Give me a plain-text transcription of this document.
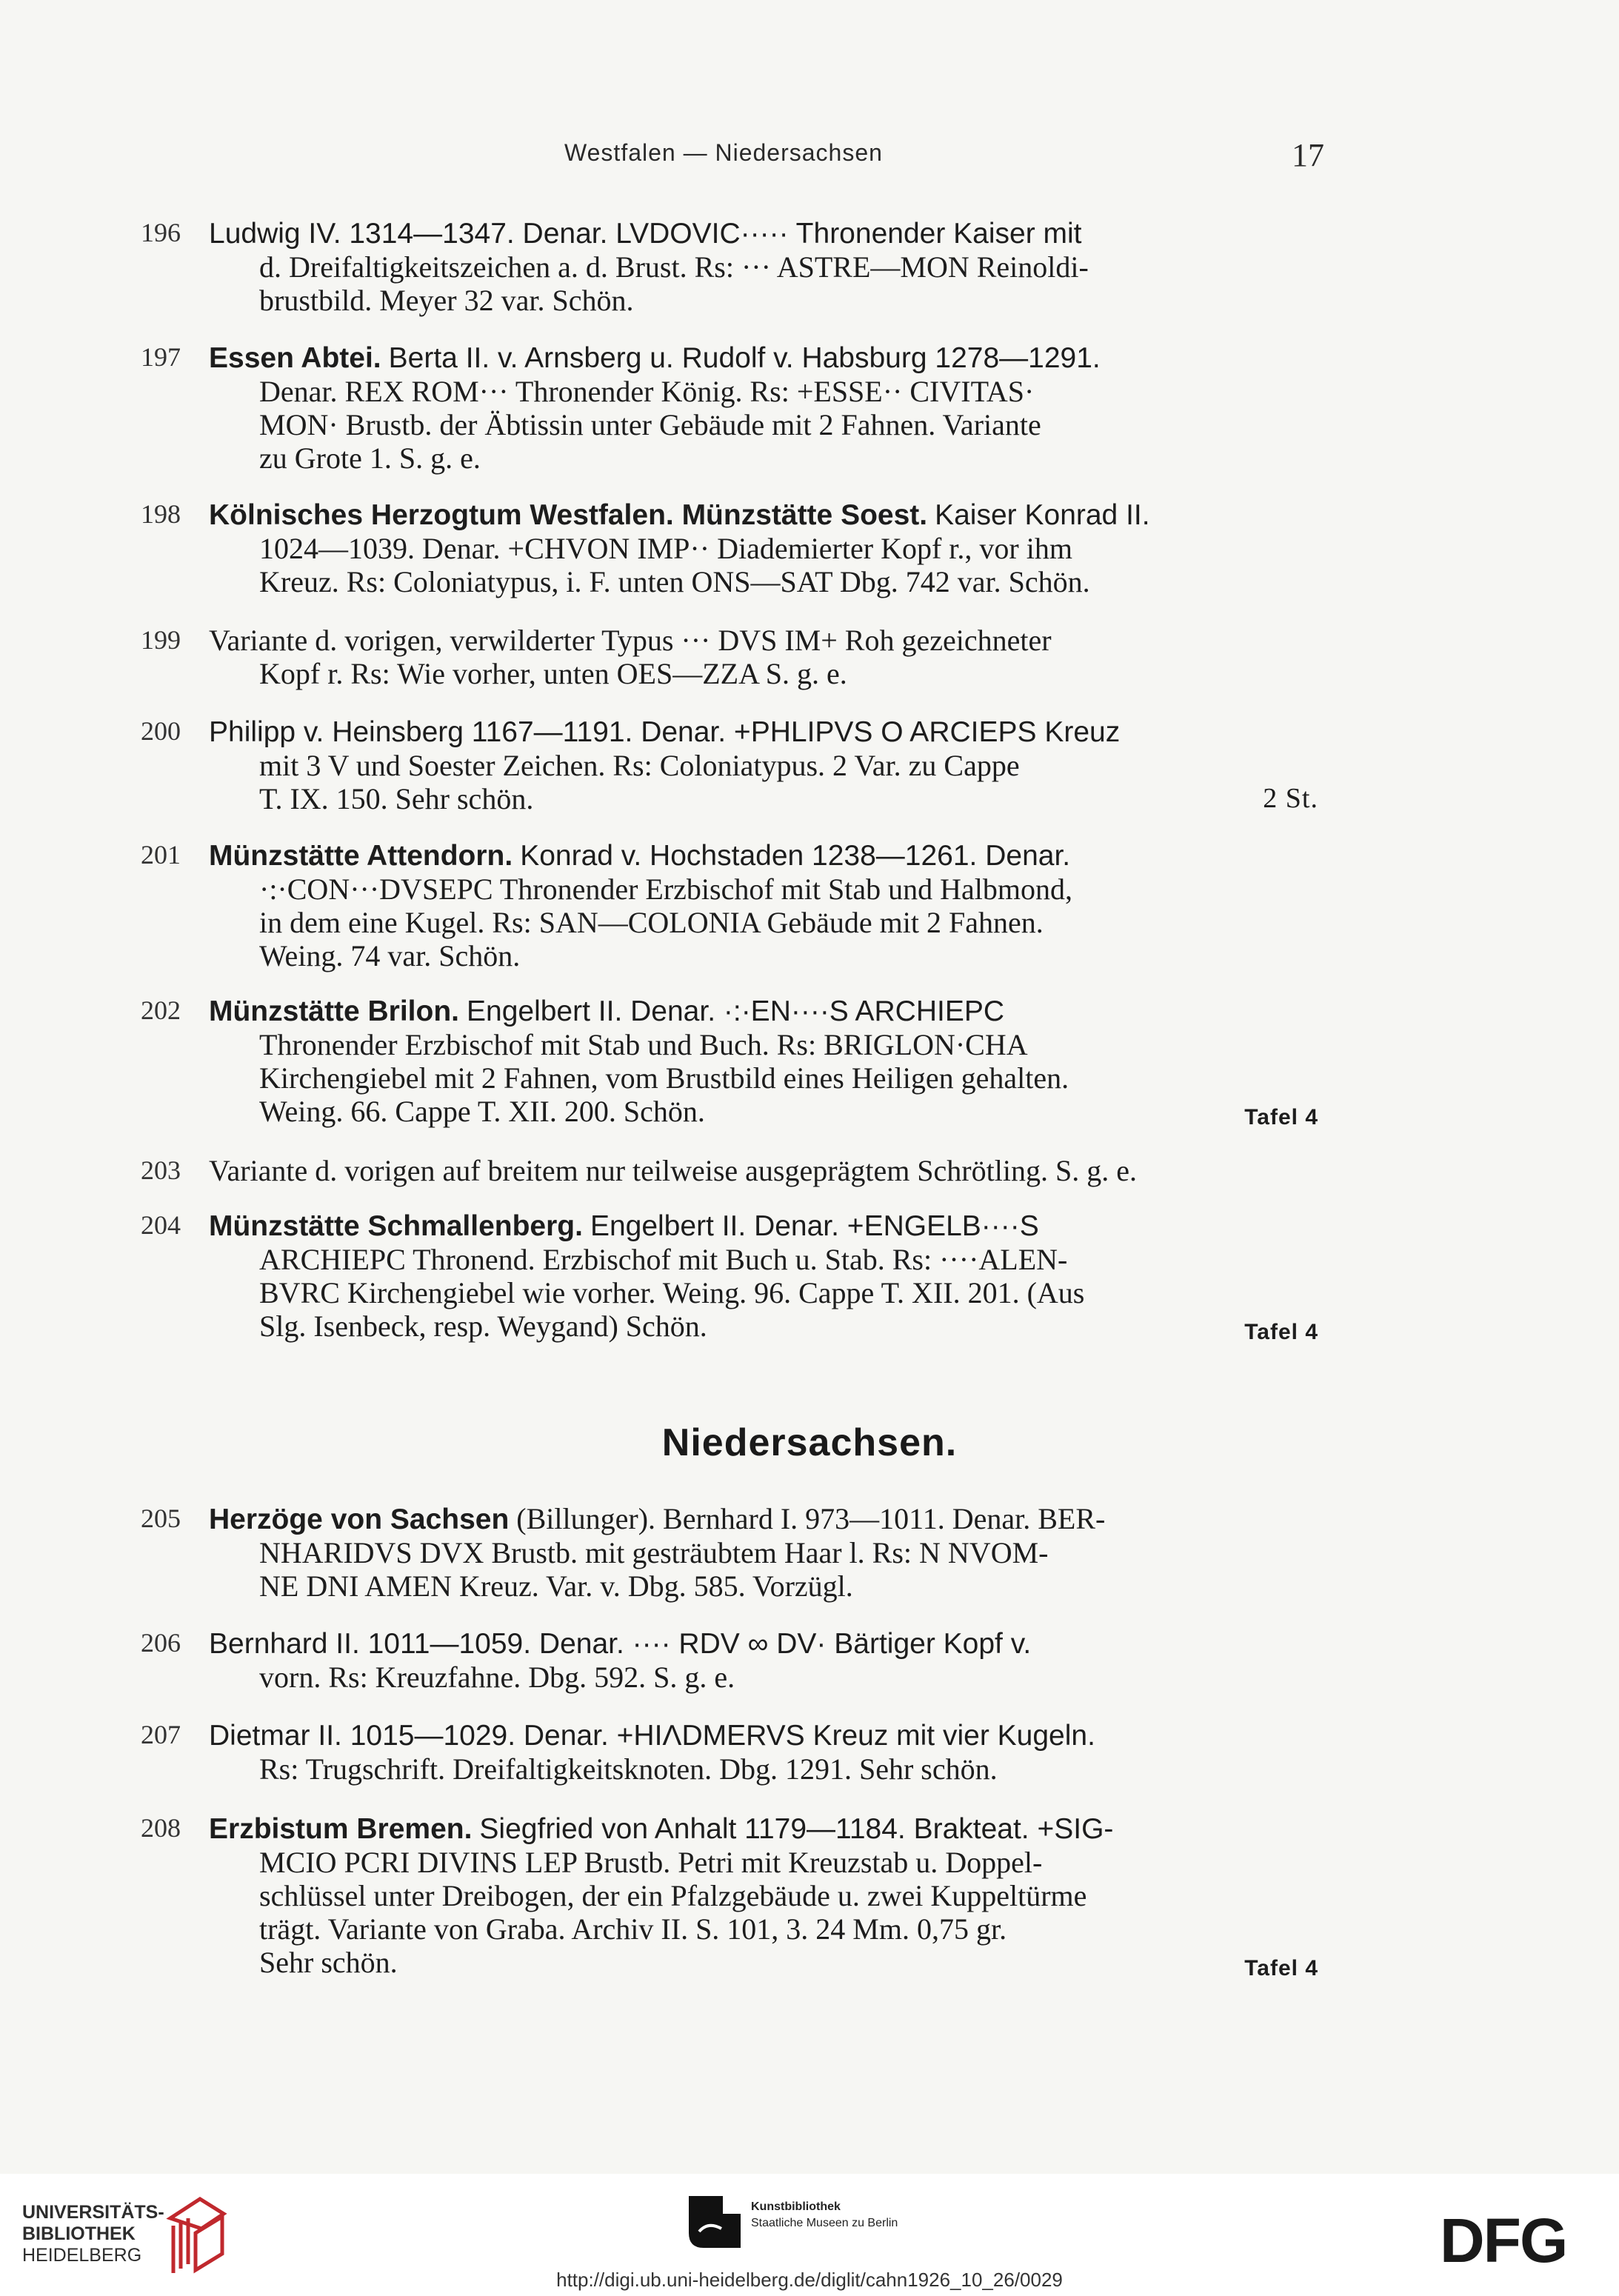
Westfalen — Niedersachsen	17
196 Ludwig IV. 1314—1347. Denar. LVDOVIC····· Thronender Kaiser mit

d. Dreifaltigkeitszeichen a. d. Brust. Rs: ··· ASTRE—MON Reinoldi-

brustbild. Meyer 32 var. Schön.

197 Essen Abtei. Berta II. v. Arnsberg u. Rudolf v. Habsburg 1278—1291.

Denar. REX ROM··· Thronender König. Rs: +ESSE·· CIVITAS·

MON· Brustb. der Äbtissin unter Gebäude mit 2 Fahnen. Variante

zu Grote 1. S. g. e.

198 Kölnisches Herzogtum Westfalen. Münzstätte Soest. Kaiser Konrad II.

1024—1039. Denar. +CHVON IMP·· Diademierter Kopf r., vor ihm

Kreuz. Rs: Coloniatypus, i. F. unten ONS—SAT Dbg. 742 var. Schön.

199 Variante d. vorigen, verwilderter Typus ··· DVS IM+ Roh gezeichneter

Kopf r. Rs: Wie vorher, unten OES—ZZA S. g. e.

200 Philipp v. Heinsberg 1167—1191. Denar. +PHLIPVS O ARCIEPS Kreuz

mit 3 V und Soester Zeichen. Rs: Coloniatypus. 2 Var. zu Cappe

T. IX. 150. Sehr schön.	2 St.

201 Münzstätte Attendorn. Konrad v. Hochstaden 1238—1261. Denar.

·:·CON···DVSEPC Thronender Erzbischof mit Stab und Halbmond,

in dem eine Kugel. Rs: SAN—COLONIA Gebäude mit 2 Fahnen.

Weing. 74 var. Schön.

202 Münzstätte Brilon. Engelbert II. Denar. ·:·EN····S ARCHIEPC

Thronender Erzbischof mit Stab und Buch. Rs: BRIGLON·CHA

Kirchengiebel mit 2 Fahnen, vom Brustbild eines Heiligen gehalten.

Weing. 66. Cappe T. XII. 200. Schön.	Tafel 4

203 Variante d. vorigen auf breitem nur teilweise ausgeprägtem Schrötling. S. g. e.

204 Münzstätte Schmallenberg. Engelbert II. Denar. +ENGELB····S

ARCHIEPC Thronend. Erzbischof mit Buch u. Stab. Rs: ····ALEN-

BVRC Kirchengiebel wie vorher. Weing. 96. Cappe T. XII. 201. (Aus

Slg. Isenbeck, resp. Weygand) Schön.	Tafel 4

Niedersachsen.
205 Herzöge von Sachsen (Billunger). Bernhard I. 973—1011. Denar. BER-

NHARIDVS DVX Brustb. mit gesträubtem Haar l. Rs: N NVOM-

NE DNI AMEN Kreuz. Var. v. Dbg. 585. Vorzügl.

206 Bernhard II. 1011—1059. Denar. ···· RDV ∞ DV· Bärtiger Kopf v.

vorn. Rs: Kreuzfahne. Dbg. 592. S. g. e.

207 Dietmar II. 1015—1029. Denar. +HIΛDMERVS Kreuz mit vier Kugeln.

Rs: Trugschrift. Dreifaltigkeitsknoten. Dbg. 1291. Sehr schön.

208 Erzbistum Bremen. Siegfried von Anhalt 1179—1184. Brakteat. +SIG-

MCIO PCRI DIVINS LEP Brustb. Petri mit Kreuzstab u. Doppel-

schlüssel unter Dreibogen, der ein Pfalzgebäude u. zwei Kuppeltürme

trägt. Variante von Graba. Archiv II. S. 101, 3. 24 Mm. 0,75 gr.

Sehr schön.	Tafel 4

UNIVERSITÄTS-
BIBLIOTHEK
HEIDELBERG
Kunstbibliothek
Staatliche Museen zu Berlin	DFG
http://digi.ub.uni-heidelberg.de/diglit/cahn1926_10_26/0029
